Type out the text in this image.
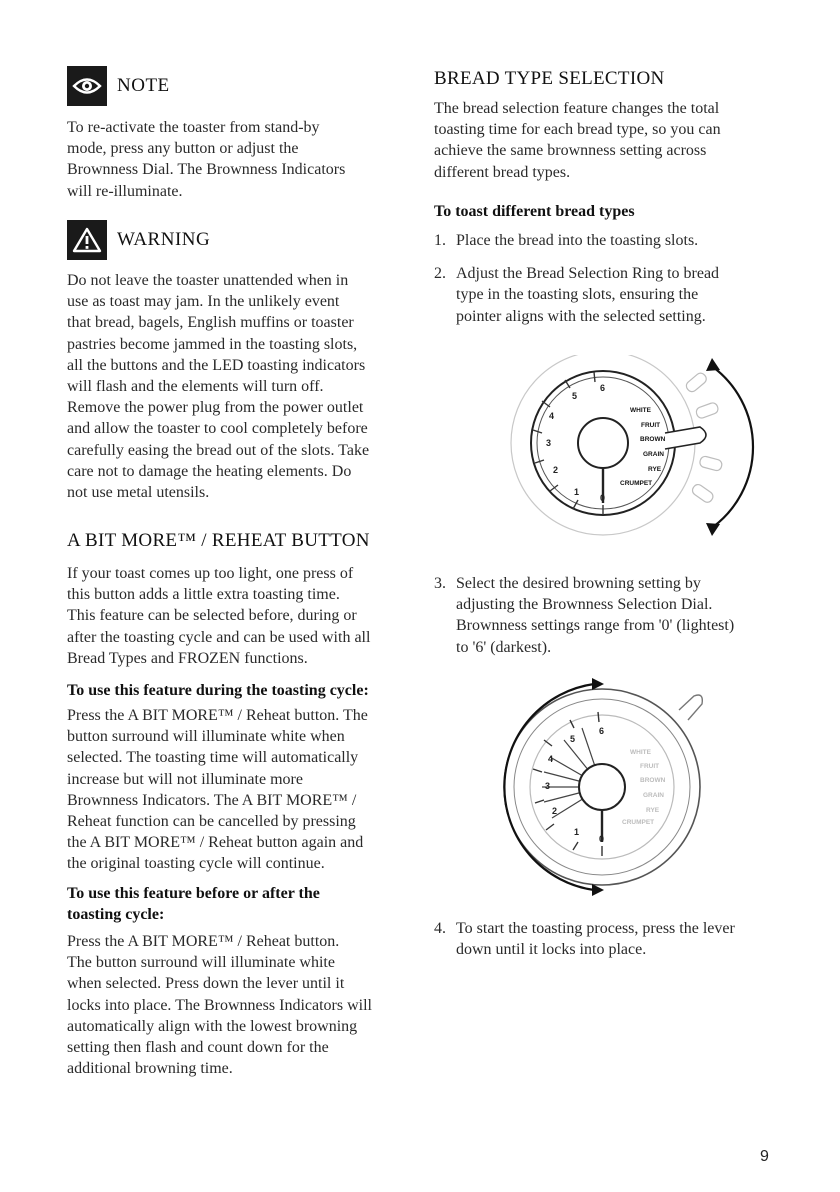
NOTE

To re-activate the toaster from stand-by

mode, press any button or adjust the

Brownness Dial. The Brownness Indicators

will re-illuminate.

WARNING

Do not leave the toaster unattended when in

use as toast may jam. In the unlikely event

that bread, bagels, English muffins or toaster

pastries become jammed in the toasting slots,

all the buttons and the LED toasting indicators

will flash and the elements will turn off.

Remove the power plug from the power outlet

and allow the toaster to cool completely before

carefully easing the bread out of the slots. Take

care not to damage the heating elements. Do

not use metal utensils.

A BIT MORE™ / REHEAT BUTTON

If your toast comes up too light, one press of

this button adds a little extra toasting time.

This feature can be selected before, during or

after the toasting cycle and can be used with all

Bread Types and FROZEN functions.

To use this feature during the toasting cycle:

Press the A BIT MORE™ / Reheat button. The

button surround will illuminate white when

selected. The toasting time will automatically

increase but will not illuminate more

Brownness Indicators. The A BIT MORE™ /

Reheat function can be cancelled by pressing

the A BIT MORE™ / Reheat button again and

the original toasting cycle will continue.

To use this feature before or after the

toasting cycle:

Press the A BIT MORE™ / Reheat button.

The button surround will illuminate white

when selected. Press down the lever until it

locks into place. The Brownness Indicators will

automatically align with the lowest browning

setting then flash and count down for the

additional browning time.

BREAD TYPE SELECTION

The bread selection feature changes the total

toasting time for each bread type, so you can

achieve the same brownness setting across

different bread types.

To toast different bread types

1. Place the bread into the toasting slots.
2. Adjust the Bread Selection Ring to bread
type in the toasting slots, ensuring the
pointer aligns with the selected setting.
3. Select the desired browning setting by
adjusting the Brownness Selection Dial.
Brownness settings range from '0' (lightest)
to '6' (darkest).
4. To start the toasting process, press the lever
down until it locks into place.
0
1
2
3
4
5
6
WHITE
FRUIT
BROWN
GRAIN
RYE
CRUMPET
0
1
2
3
4
5
6
WHITE
FRUIT
BROWN
GRAIN
RYE
CRUMPET
9
